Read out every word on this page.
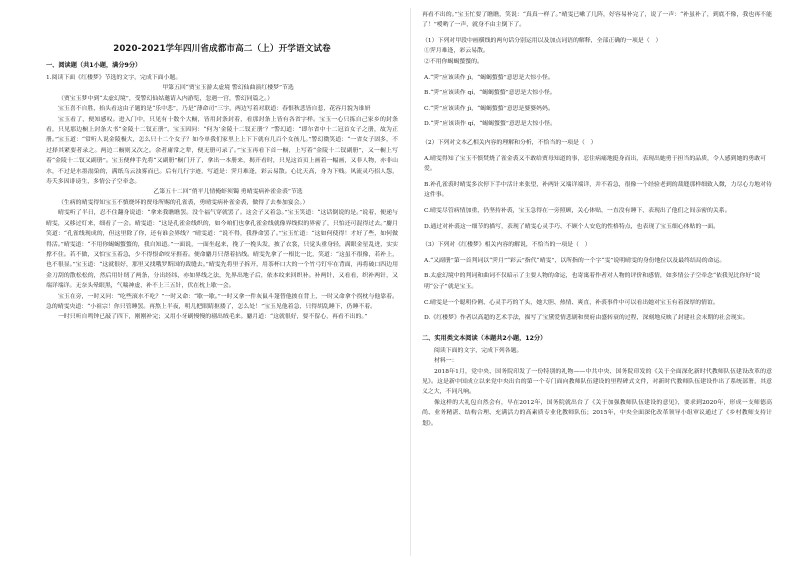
2020-2021学年四川省成都市高二（上）开学语文试卷
一、阅读题（共1小题，满分9分）
1.阅读下面《红楼梦》节选的文字，完成下面小题。
甲第五回“贾宝玉游太虚境 警幻仙曲演红楼梦”节选
（贾宝玉梦中到“太虚幻境”，受警幻仙姑邀请入内游览，忽遇一宫，警幻同篇之。）
宝玉喜不自胜，抬头看这由子题的是“乐中悲”，乃是“薄命司”三字，两边写着对联道：春恨秋悲皆自惹，花容月貌为谁妍
宝玉看了，便知感叹。进入门中，只见有十数个大橱，皆用封条封着，看那封条上皆有各省字样。宝玉一心只拣自己家乡的封条看，只见那边橱上封条大书“金陵十二钗正册”，宝玉因问：“何为‘金陵十二钗正册’？”警幻道：“即尔省中十二冠首女子之册，故为正册。”宝玉道：“常听人说金陵极大，怎么只十二个女子？如今单我们家里上上下下就有几百个女孩儿。”警幻微笑道：“一省女子固多，不过择其紧要者录之。两边二橱则又次之。余者庸常之辈，便无册可录了。”宝玉再看下首一橱，上写着“金陵十二钗副册”，又一橱上写着“金陵十二钗又副册”。宝玉便伸手先将“又副册”橱门开了，拿出一本册来，揭开看时，只见这首页上画着一幅画，又非人物，亦非山水，不过是水墨滃染的，满纸乌云浊雾而已。后有几行字迹，写道是：霁月难逢，彩云易散。心比天高，身为下贱。风流灵巧招人怨，寿夭多因诽谤生，多情公子空牵念。
乙第五十二回“俏平儿情掩虾须镯 勇晴雯病补雀金裘”节选
（生病的晴雯得知宝玉不慎烧坏的贾母所赐的孔雀裘，勇晴雯病补雀金裘，做得了去参加宴会。）
晴雯听了半日，忍不住翻身说道：“拿来我瞧瞧罢。没个福气穿就罢了。这会子又着急。”宝玉笑道：“这话倒说的是。”说着，便递与晴雯，又移过灯来，细看了一会。晴雯道：“这是孔雀金线织的，如今咱们也拿孔雀金线就像界线似的界密了，只怕还可混得过去。”麝月笑道：“孔雀线现成的，但这里除了你，还有谁会界线？”晴雯道：“说不得，我挣命罢了。”宝玉忙道：“这如何使得！才好了些，如何做得活。”晴雯道：“不用你蝎蝎螫螫的，我自知道。”一面说，一面坐起来，挽了一挽头发，披了衣裳，只觉头重身轻，满眼金星乱迸，实实撑不住。若不做，又怕宝玉着急，少不得恨命咬牙捱着。便命麝月只帮着拈线。晴雯先拿了一根比一比，笑道：“这虽不很像，若补上，也不很显。”宝玉道：“这就很好，那里又找哦罗斯国的裁缝去。”晴雯先将里子拆开，用茶杯口大的一个竹弓钉牢在背面，再将破口四边用金刀刮的散松松的，然后用针纫了两条，分出经纬，亦如界线之法，先界出地子后，依本纹来回织补。补两针，又看看，织补两针，又端详端详。无奈头晕眼黑，气喘神虚，补不上三五针，伏在枕上歇一会。
宝玉在旁，一时又问：“吃些滚水不吃？”一时又命：“歇一歇。”一时又拿一件灰鼠斗篷替他披在背上，一时又命拿个拐枕与他靠着。急的晴雯央道：“小祖宗！你只管睡罢。再熬上半夜，明儿把眼睛抠搂了，怎么处！”宝玉见他着急，只得胡乱睡下，仍睡不着。
一时只听自鸣钟已敲了四下，刚刚补完；又用小牙刷慢慢的剔出绒毛来。麝月道：“这就很好，要不留心，再看不出的。”
再看不出的。”宝玉忙要了瞧瞧，笑说：“真真一样了。”晴雯已嗽了几阵，好容易补完了，说了一声：“补虽补了，到底不像，我也再不能了！”嗳哟了一声，就身不由主倒下了。
（1）下列对甲段中画横线的两句话分别运用以及加点词语的解释，全部正确的一项是（　）
①霁月难逢，彩云易散。
②不用你蝎蝎螫螫的。
A.“霁”应该读作 jì，“蝎蝎螫螫”意思是大惊小怪。
B.“霁”应该读作 qí，“蝎蝎螫螫”意思是大惊小怪。
C.“霁”应该读作 jì，“蝎蝎螫螫”意思是婆婆妈妈。
D.“霁”应该读作 qí，“蝎蝎螫螫”意思是大惊小怪。
（2）下列对文本乙相关内容的理解和分析，不恰当的一项是（　）
A.晴雯得知了宝玉不慎焚烧了雀金裘又不敢给贾母知道的事，忍住病痛地挺身而出，表现出她勇于担当的品质，令人感到她的勇敢可爱。
B.补孔雀裘时晴雯多次停下手中活计来张望，补两针又端详端详，并不着急，很像一个经验老到的裁缝那样细致入微，力尽心力地对待这件事。
C.晴雯尽管病情加重，仍坚持补裘，宝玉急得在一旁照顾，关心体贴，一直没有睡下，表现出了他们之间亲密的关系。
D.通过对补裘这一细节的描写，表现了晴雯心灵手巧、不顾个人安危的性格特点，也表现了宝玉细心体贴的一面。
（3）下列对《红楼梦》相关内容的解说，不恰当的一项是（　）
A.“又副册”第一首判词以“霁月”“彩云”指代“晴雯”，以所指的一个字“雯”说明晴雯的身份地位以及最终结局的命运。
B.太虚幻境中的判词和曲词不仅暗示了主要人物的命运，也寄寓着作者对人物的评价和感情，如多情公子空牵念“依我见比你好”说明“公子”就是宝玉。
C.晴雯是一个聪明伶俐、心灵手巧的丫头，她大胆、热情、爽直，补裘事件中可以看出她对宝玉有着深厚的情谊。
D.《红楼梦》作者以高超的艺术手法，描写了宝黛爱情悲剧和贾府由盛转衰的过程，深刻地反映了封建社会末期的社会现实。
二、实用类文本阅读（本题共2小题，12分）
阅读下面的文字，完成下列各题。
材料一：
2018年1月，党中央、国务院印发了一份特别的礼物——中共中央、国务院印发的《关于全面深化新时代教师队伍建设改革的意见》。这是新中国成立以来党中央出台的第一个专门面向教师队伍建设的里程碑式文件，对新时代教师队伍建设作出了系统部署，其意义之大，不同凡响。
像这样的大礼包自然会有，早在2012年，国务院就出台了《关于加强教师队伍建设的意见》，要求到2020年，形成一支师德高尚、业务精湛、结构合理、充满活力的高素质专业化教师队伍；2015年，中央全面深化改革领导小组审议通过了《乡村教师支持计划》。
